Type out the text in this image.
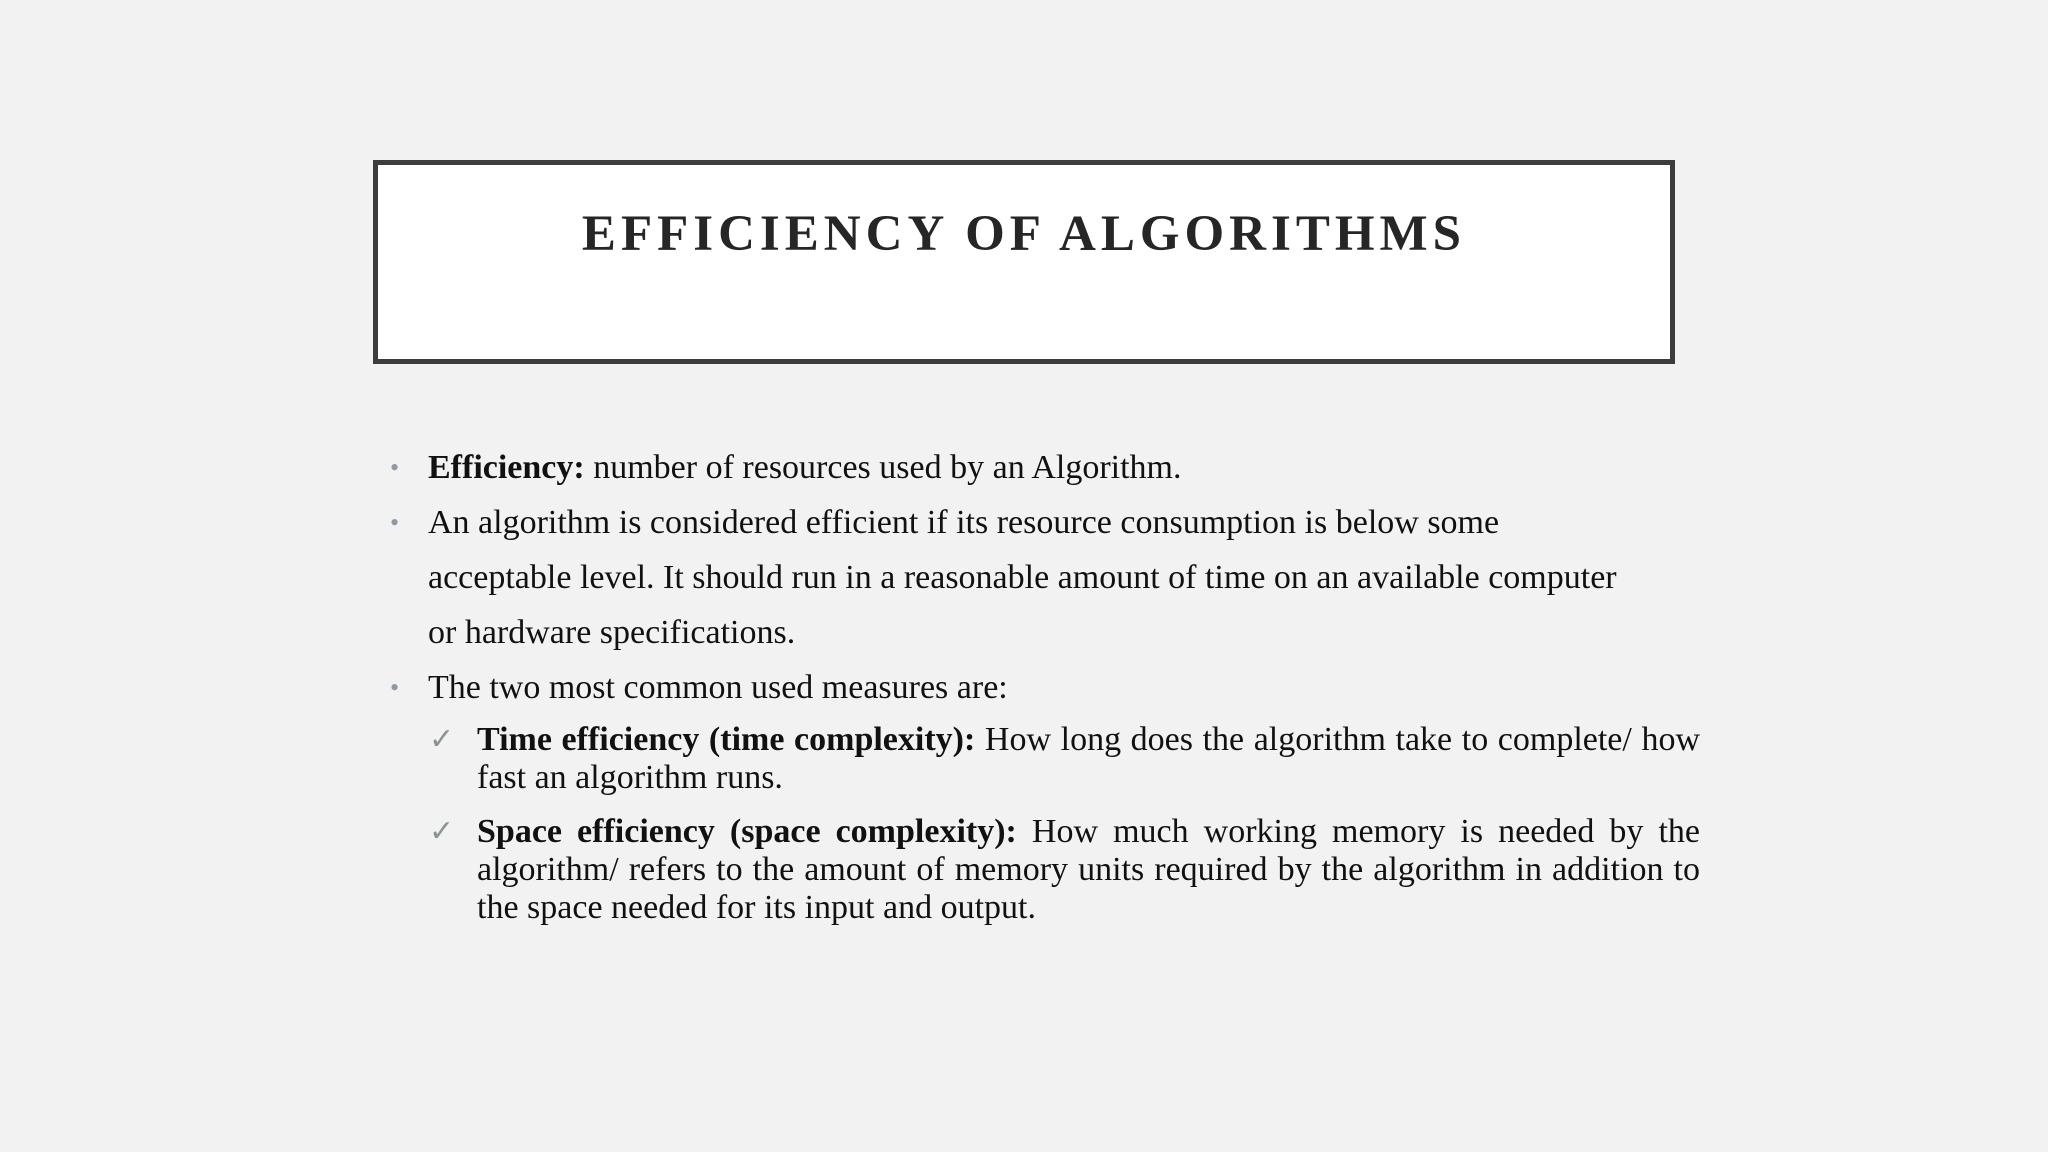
EFFICIENCY OF ALGORITHMS
• Efficiency: number of resources used by an Algorithm.
• An algorithm is considered efficient if its resource consumption is below some acceptable level. It should run in a reasonable amount of time on an available computer or hardware specifications.
• The two most common used measures are:
✓ Time efficiency (time complexity): How long does the algorithm take to complete/ how fast an algorithm runs.
✓ Space efficiency (space complexity): How much working memory is needed by the algorithm/ refers to the amount of memory units required by the algorithm in addition to the space needed for its input and output.
